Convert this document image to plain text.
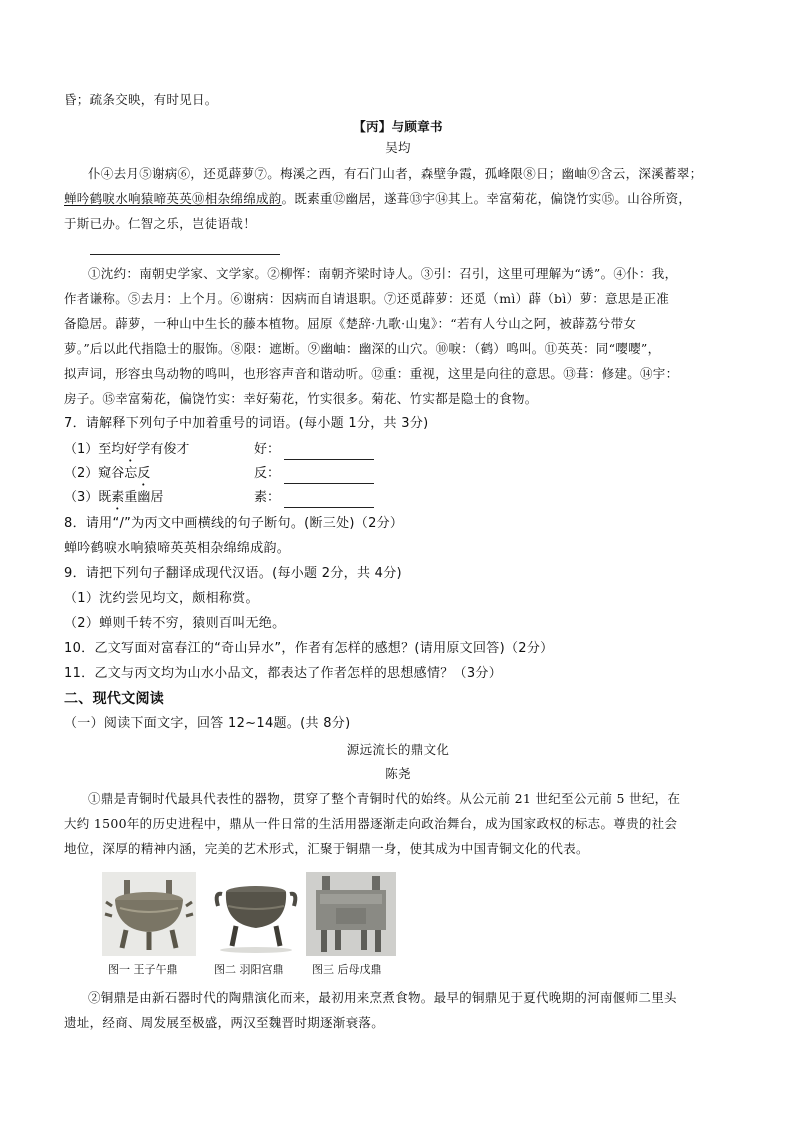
昏；疏条交映，有时见日。
【丙】与顾章书
吴均
仆④去月⑤谢病⑥，还觅薜萝⑦。梅溪之西，有石门山者，森壁争霞，孤峰限⑧日；幽岫⑨含云，深溪蓄翠；
蝉吟鹤唳水响猿啼英英⑩相杂绵绵成韵。既素重⑫幽居，遂葺⑬宇⑭其上。幸富菊花，偏饶竹实⑮。山谷所资，
于斯已办。仁智之乐，岂徒语哉！
①沈约：南朝史学家、文学家。②柳恽：南朝齐梁时诗人。③引：召引，这里可理解为“诱”。④仆：我，
作者谦称。⑤去月：上个月。⑥谢病：因病而自请退职。⑦还觅薜萝：还觅（mì）薜（bì）萝：意思是正准
备隐居。薜萝，一种山中生长的藤本植物。屈原《楚辞·九歌·山鬼》：“若有人兮山之阿，被薜荔兮带女
萝。”后以此代指隐士的服饰。⑧限：遮断。⑨幽岫：幽深的山穴。⑩唳：（鹤）鸣叫。⑪英英：同“嘤嘤”，
拟声词，形容虫鸟动物的鸣叫，也形容声音和谐动听。⑫重：重视，这里是向往的意思。⑬葺：修建。⑭宇：
房子。⑮幸富菊花，偏饶竹实：幸好菊花，竹实很多。菊花、竹实都是隐士的食物。
7．请解释下列句子中加着重号的词语。(每小题 1分，共 3分)
（1）至均好学有俊才	好：
（2）窥谷忘反	反：
（3）既素重幽居	素：
8．请用“/”为丙文中画横线的句子断句。(断三处)（2分）
蝉吟鹤唳水响猿啼英英相杂绵绵成韵。
9．请把下列句子翻译成现代汉语。(每小题 2分，共 4分)
（1）沈约尝见均文，颇相称赏。
（2）蝉则千转不穷，猿则百叫无绝。
10．乙文写面对富春江的“奇山异水”，作者有怎样的感想？(请用原文回答)（2分）
11．乙文与丙文均为山水小品文，都表达了作者怎样的思想感情？（3分）
二、现代文阅读
（一）阅读下面文字，回答 12~14题。(共 8分)
源远流长的鼎文化
陈尧
①鼎是青铜时代最具代表性的器物，贯穿了整个青铜时代的始终。从公元前 21 世纪至公元前 5 世纪，在
大约 1500年的历史进程中，鼎从一件日常的生活用器逐渐走向政治舞台，成为国家政权的标志。尊贵的社会
地位，深厚的精神内涵，完美的艺术形式，汇聚于铜鼎一身，使其成为中国青铜文化的代表。
图一 王子午鼎	图二 羽阳宫鼎	图三 后母戊鼎
②铜鼎是由新石器时代的陶鼎演化而来，最初用来烹煮食物。最早的铜鼎见于夏代晚期的河南偃师二里头
遗址，经商、周发展至极盛，两汉至魏晋时期逐渐衰落。
